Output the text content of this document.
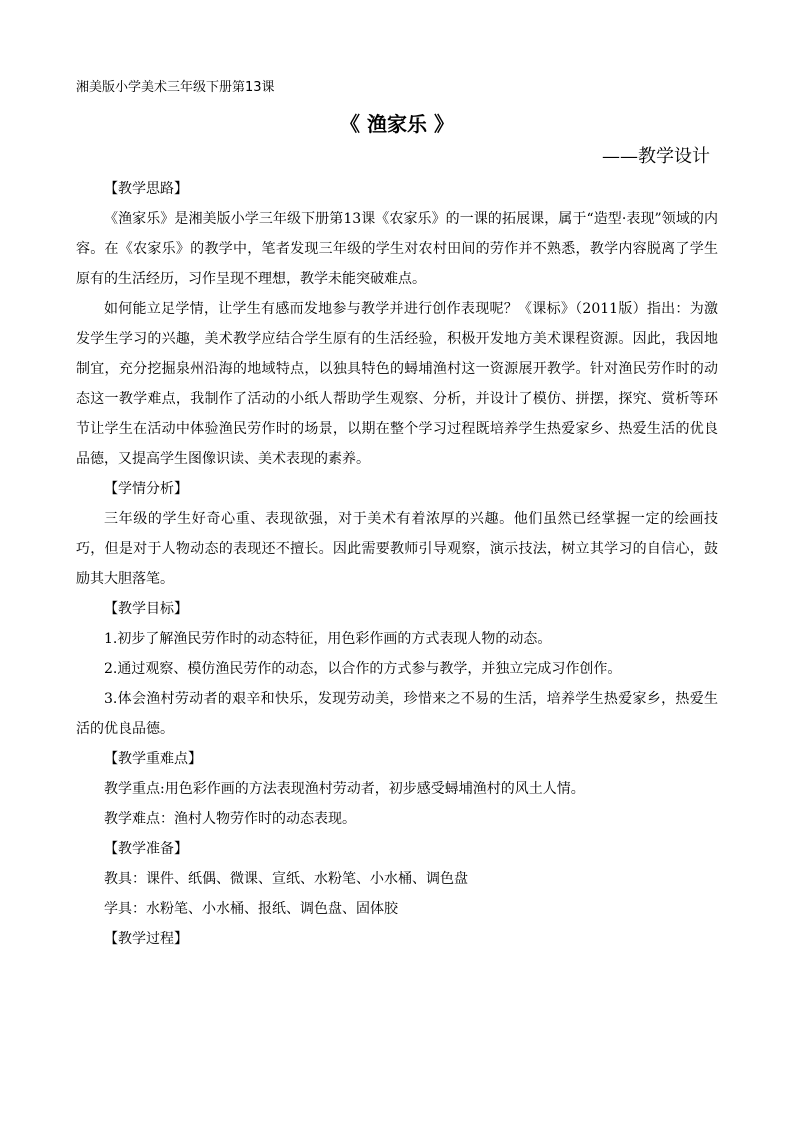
湘美版小学美术三年级下册第13课

《 渔家乐 》

——教学设计

【教学思路】

《渔家乐》是湘美版小学三年级下册第13课《农家乐》的一课的拓展课，属于“造型·表现”领域的内容。在《农家乐》的教学中，笔者发现三年级的学生对农村田间的劳作并不熟悉，教学内容脱离了学生原有的生活经历，习作呈现不理想，教学未能突破难点。

如何能立足学情，让学生有感而发地参与教学并进行创作表现呢？《课标》（2011版）指出：为激发学生学习的兴趣，美术教学应结合学生原有的生活经验，积极开发地方美术课程资源。因此，我因地制宜，充分挖掘泉州沿海的地域特点，以独具特色的蟳埔渔村这一资源展开教学。针对渔民劳作时的动态这一教学难点，我制作了活动的小纸人帮助学生观察、分析，并设计了模仿、拼摆，探究、赏析等环节让学生在活动中体验渔民劳作时的场景，以期在整个学习过程既培养学生热爱家乡、热爱生活的优良品德，又提高学生图像识读、美术表现的素养。

【学情分析】

三年级的学生好奇心重、表现欲强，对于美术有着浓厚的兴趣。他们虽然已经掌握一定的绘画技巧，但是对于人物动态的表现还不擅长。因此需要教师引导观察，演示技法，树立其学习的自信心，鼓励其大胆落笔。

【教学目标】

1.初步了解渔民劳作时的动态特征，用色彩作画的方式表现人物的动态。

2.通过观察、模仿渔民劳作的动态，以合作的方式参与教学，并独立完成习作创作。

3.体会渔村劳动者的艰辛和快乐，发现劳动美，珍惜来之不易的生活，培养学生热爱家乡，热爱生活的优良品德。

【教学重难点】

教学重点:用色彩作画的方法表现渔村劳动者，初步感受蟳埔渔村的风土人情。

教学难点：渔村人物劳作时的动态表现。

【教学准备】

教具：课件、纸偶、微课、宣纸、水粉笔、小水桶、调色盘

学具：水粉笔、小水桶、报纸、调色盘、固体胶

【教学过程】
